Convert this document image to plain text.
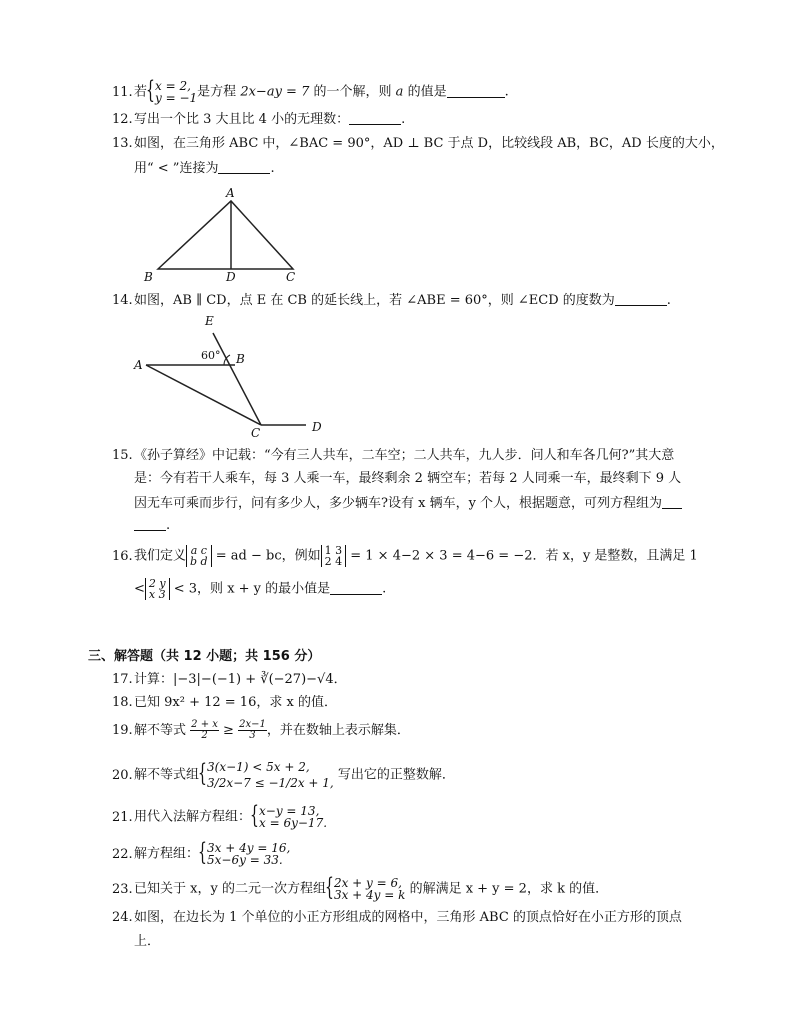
11.若 { x = 2,
y = −1 是方程 2x−ay = 7 的一个解，则 a 的值是	.
12.写出一个比 3 大且比 4 小的无理数：	.
13.如图，在三角形 ABC 中，∠BAC = 90°，AD ⊥ BC 于点 D，比较线段 AB，BC，AD 长度的大小，
用“ < ”连接为	.
A
B	D	C
14.如图，AB ∥ CD，点 E 在 CB 的延长线上，若 ∠ABE = 60°，则 ∠ECD 的度数为	.
E
A	B
C	D
60°
15.《孙子算经》中记载：“今有三人共车，二车空；二人共车，九人步．问人和车各几何?”其大意
是：今有若干人乘车，每 3 人乘一车，最终剩余 2 辆空车；若每 2 人同乘一车，最终剩下 9 人
因无车可乘而步行，问有多少人，多少辆车?设有 x 辆车，y 个人，根据题意，可列方程组为
.
16.我们定义 a c
b d = ad − bc，例如 1 3
2 4 = 1 × 4−2 × 3 = 4−6 = −2．若 x，y 是整数，且满足 1
< 2 y
x 3 < 3，则 x + y 的最小值是	.
三、解答题（共 12 小题；共 156 分）
17.计算：|−3|−(−1) + ∛(−27)−√4．
18.已知 9x² + 12 = 16，求 x 的值．
19.解不等式 $\frac{2 + x}{2} \ge \frac{2x-1}{3}$ ，并在数轴上表示解集．
20.解不等式组
{ 3(x−1) < 5x + 2,
3/2x−7 ≤ −1/2x + 1,
写出它的正整数解．
21.用代入法解方程组： { x−y = 13,
x = 6y−17.
22.解方程组： { 3x + 4y = 16,
5x−6y = 33.
23.已知关于 x，y 的二元一次方程组 { 2x + y = 6,
3x + 4y = k 的解满足 x + y = 2，求 k 的值．
24.如图，在边长为 1 个单位的小正方形组成的网格中，三角形 ABC 的顶点恰好在小正方形的顶点
上．
